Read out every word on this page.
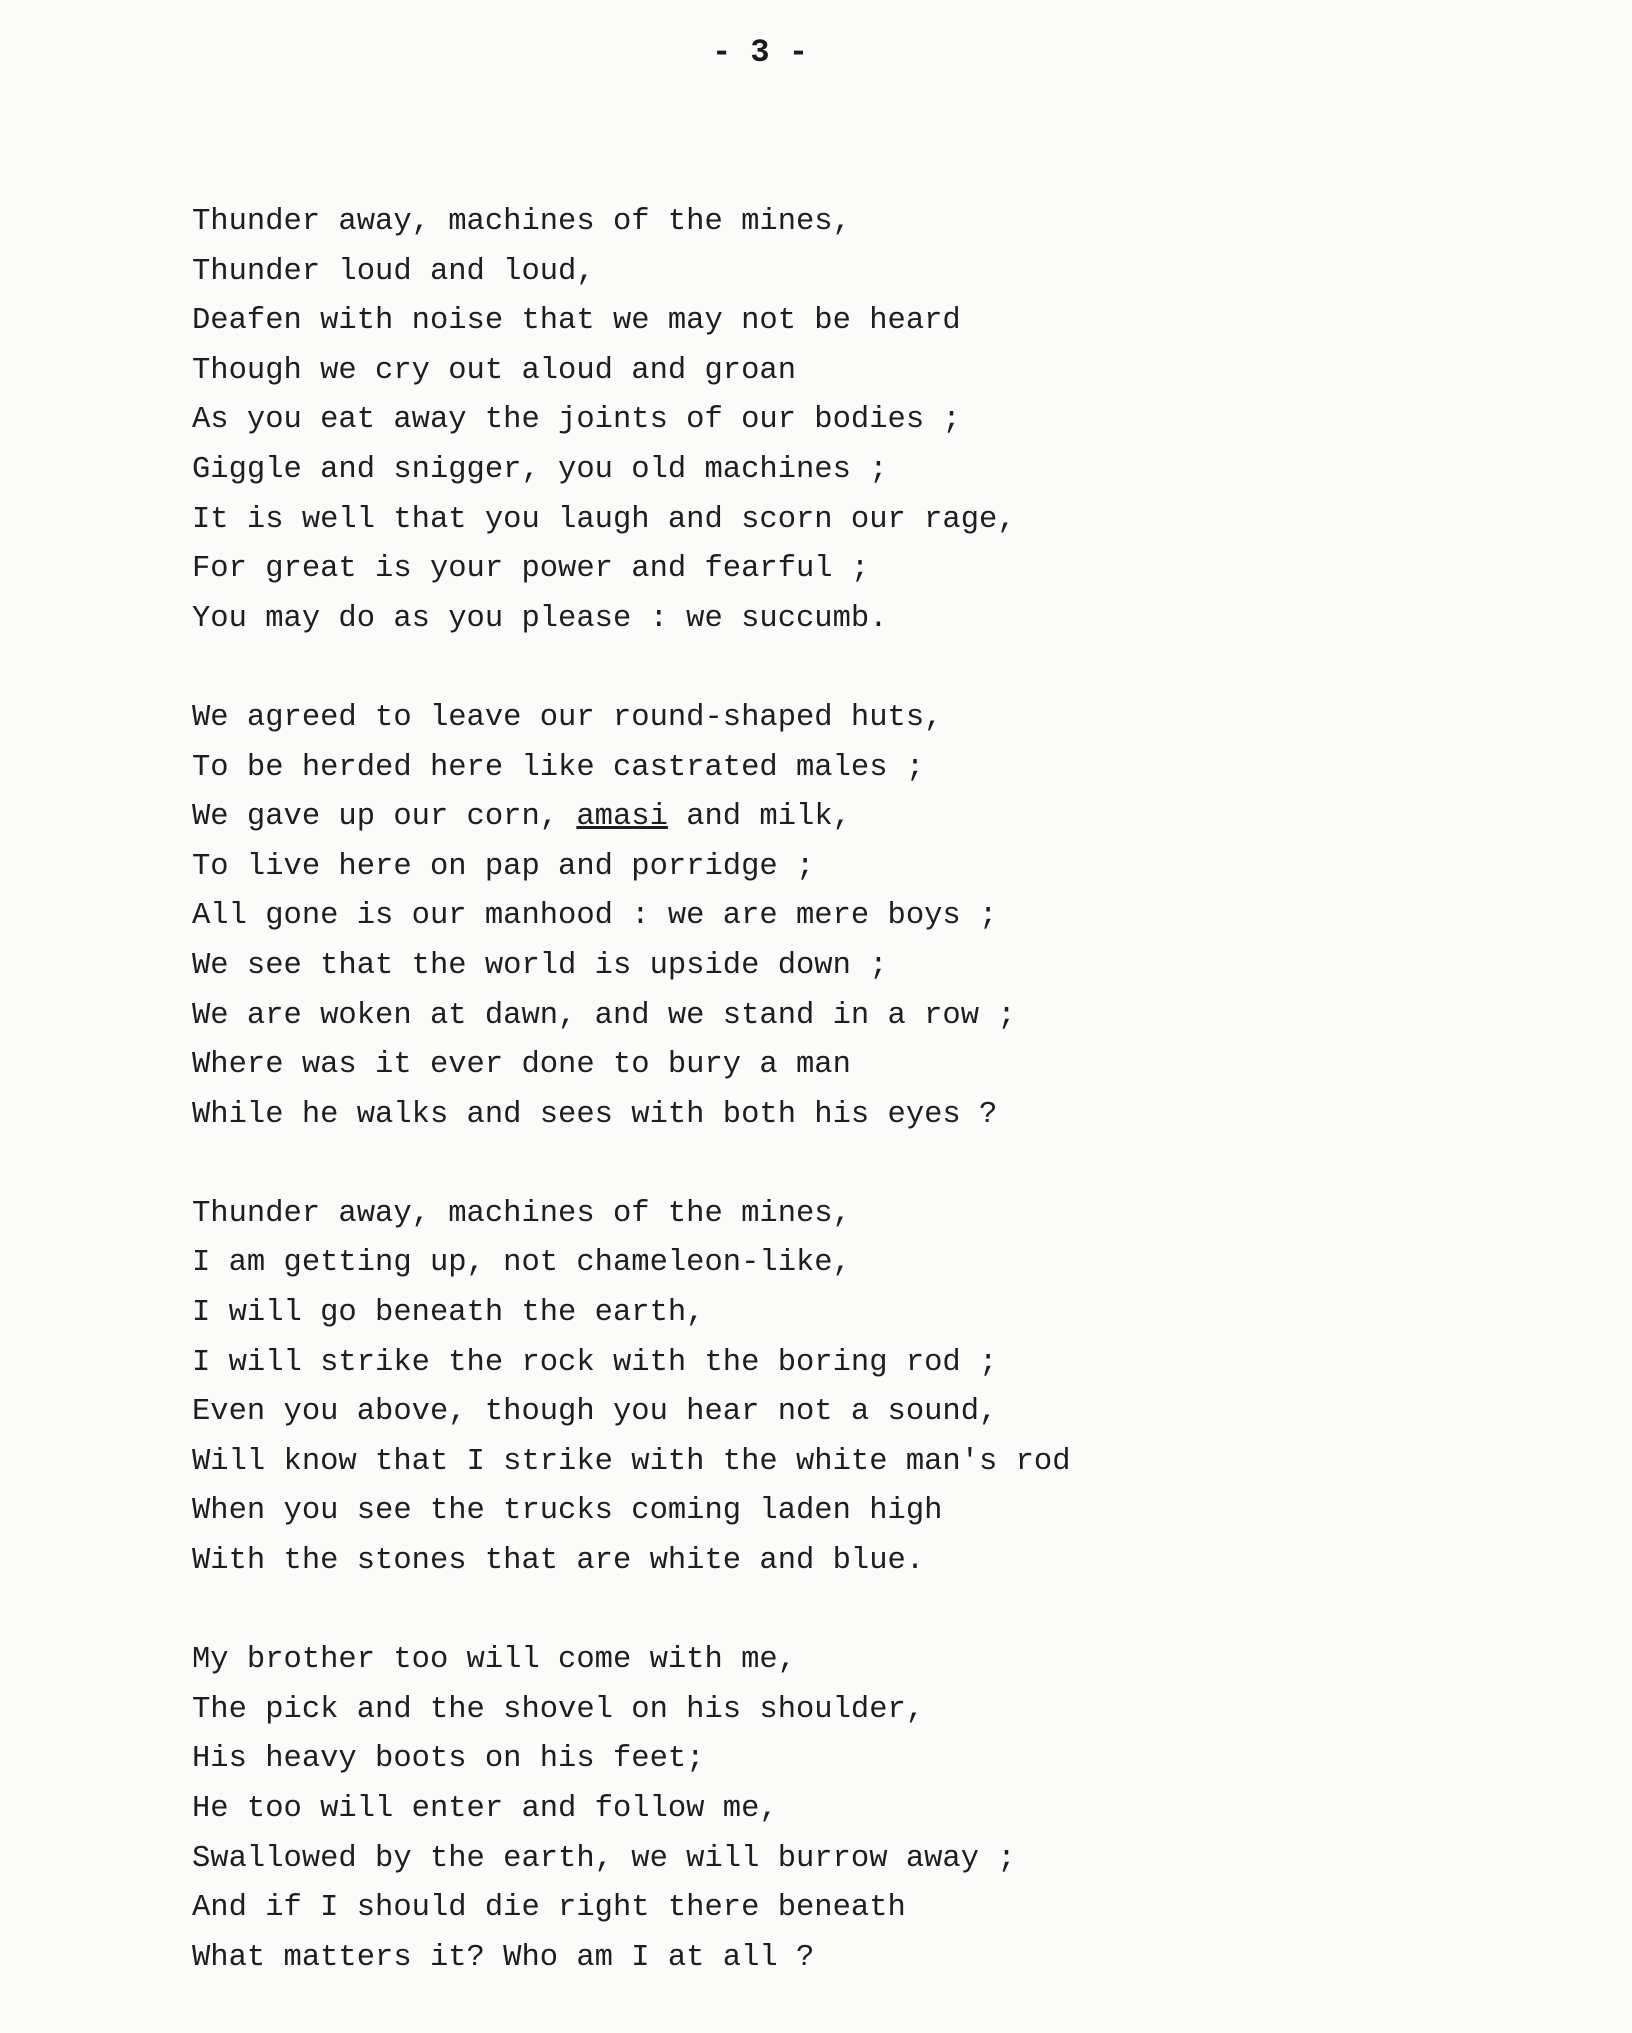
- 3 -
Thunder away, machines of the mines,
Thunder loud and loud,
Deafen with noise that we may not be heard
Though we cry out aloud and groan
As you eat away the joints of our bodies ;
Giggle and snigger, you old machines ;
It is well that you laugh and scorn our rage,
For great is your power and fearful ;
You may do as you please : we succumb.
We agreed to leave our round-shaped huts,
To be herded here like castrated males ;
We gave up our corn, amasi and milk,
To live here on pap and porridge ;
All gone is our manhood : we are mere boys ;
We see that the world is upside down ;
We are woken at dawn, and we stand in a row ;
Where was it ever done to bury a man
While he walks and sees with both his eyes ?
Thunder away, machines of the mines,
I am getting up, not chameleon-like,
I will go beneath the earth,
I will strike the rock with the boring rod ;
Even you above, though you hear not a sound,
Will know that I strike with the white man's rod
When you see the trucks coming laden high
With the stones that are white and blue.
My brother too will come with me,
The pick and the shovel on his shoulder,
His heavy boots on his feet;
He too will enter and follow me,
Swallowed by the earth, we will burrow away ;
And if I should die right there beneath
What matters it? Who am I at all ?
